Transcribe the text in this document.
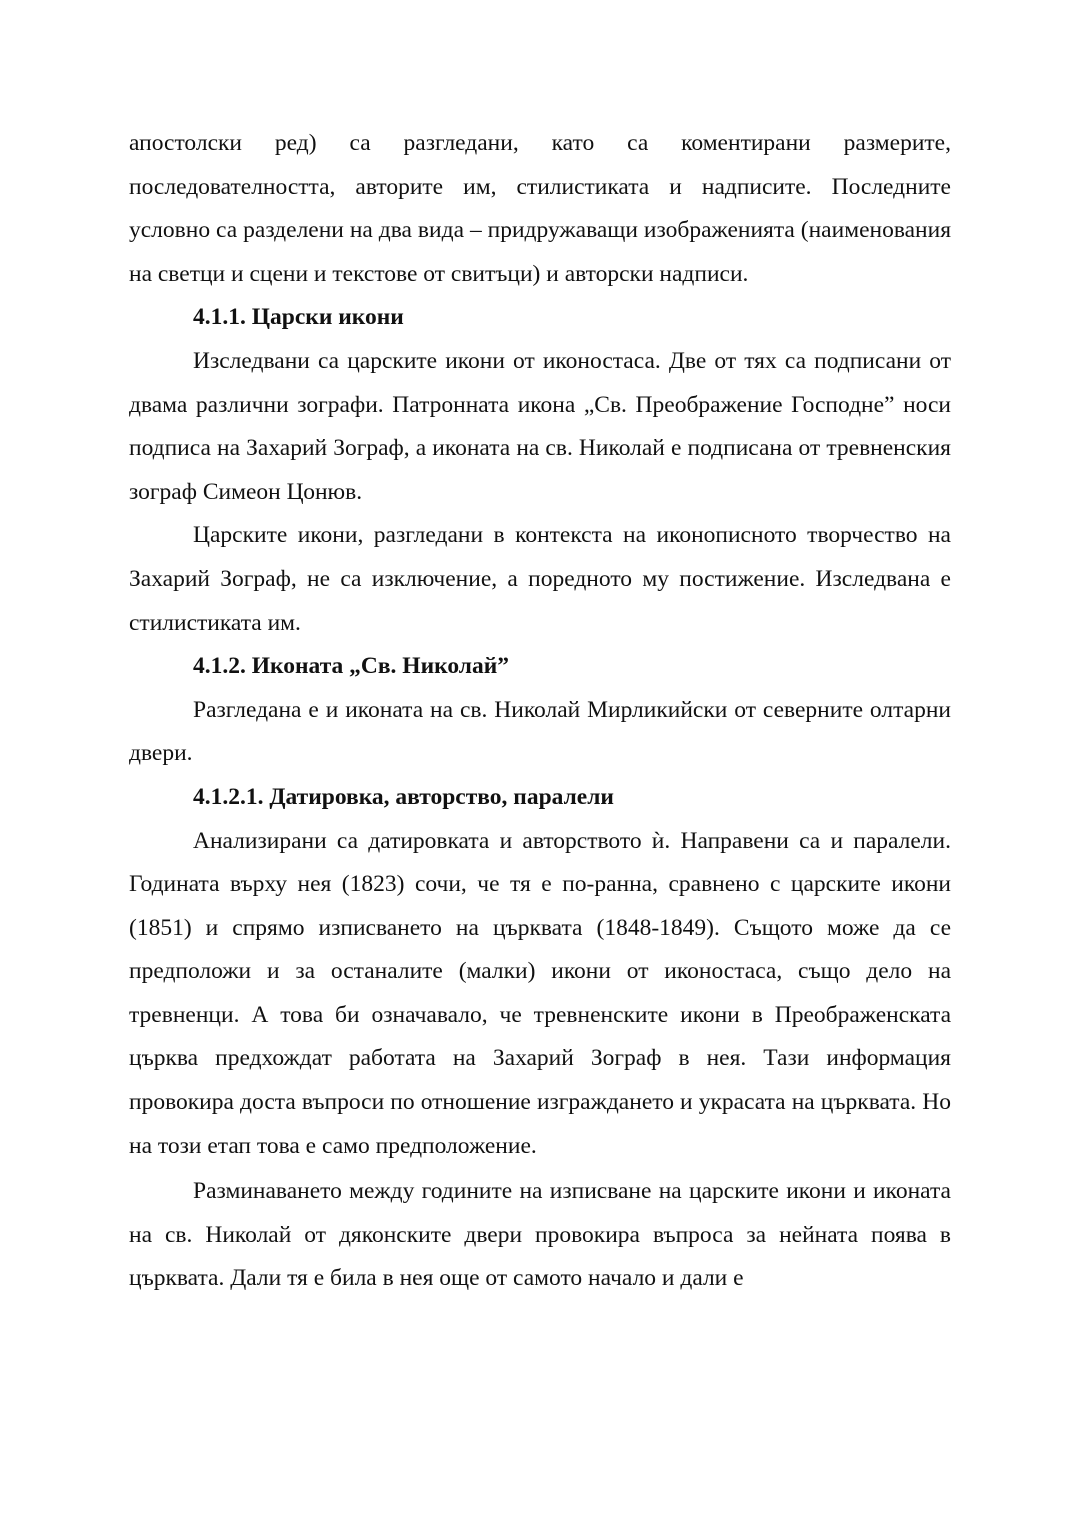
апостолски ред) са разгледани, като са коментирани размерите, последователността, авторите им, стилистиката и надписите. Последните условно са разделени на два вида – придружаващи изображенията (наименования на светци и сцени и текстове от свитъци) и авторски надписи.

4.1.1. Царски икони

Изследвани са царските икони от иконостаса. Две от тях са подписани от двама различни зографи. Патронната икона „Св. Преображение Господне” носи подписа на Захарий Зограф, а иконата на св. Николай е подписана от тревненския зограф Симеон Цонюв.

Царските икони, разгледани в контекста на иконописното творчество на Захарий Зограф, не са изключение, а поредното му постижение. Изследвана е стилистиката им.

4.1.2. Иконата „Св. Николай”

Разгледана е и иконата на св. Николай Мирликийски от северните олтарни двери.

4.1.2.1. Датировка, авторство, паралели

Анализирани са датировката и авторството ѝ. Направени са и паралели. Годината върху нея (1823) сочи, че тя е по-ранна, сравнено с царските икони (1851) и спрямо изписването на църквата (1848-1849). Същото може да се предположи и за останалите (малки) икони от иконостаса, също дело на тревненци. А това би означавало, че тревненските икони в Преображенската църква предхождат работата на Захарий Зограф в нея. Тази информация провокира доста въпроси по отношение изграждането и украсата на църквата. Но на този етап това е само предположение.

Разминаването между годините на изписване на царските икони и иконата на св. Николай от дяконските двери провокира въпроса за нейната поява в църквата. Дали тя е била в нея още от самото начало и дали е
